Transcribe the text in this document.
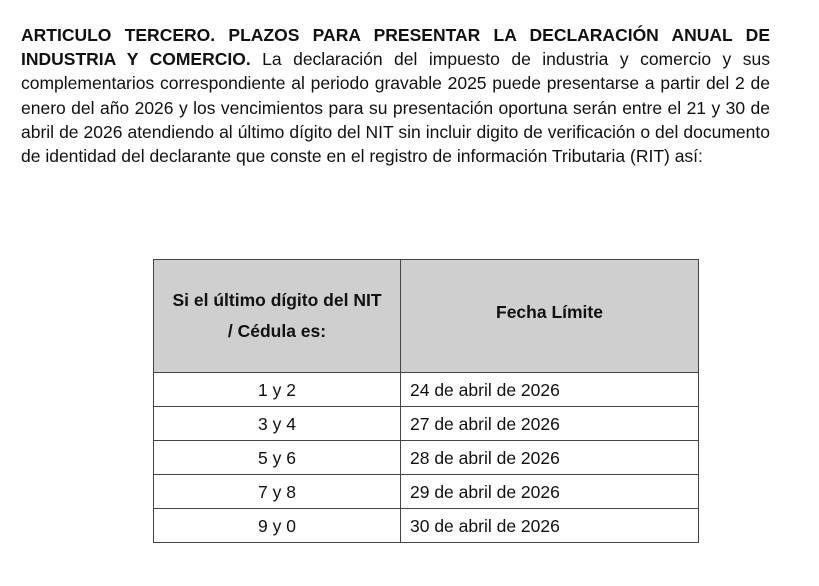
ARTICULO TERCERO. PLAZOS PARA PRESENTAR LA DECLARACIÓN ANUAL DE INDUSTRIA Y COMERCIO. La declaración del impuesto de industria y comercio y sus complementarios correspondiente al periodo gravable 2025 puede presentarse a partir del 2 de enero del año 2026 y los vencimientos para su presentación oportuna serán entre el 21 y 30 de abril de 2026 atendiendo al último dígito del NIT sin incluir digito de verificación o del documento de identidad del declarante que conste en el registro de información Tributaria (RIT) así:

Si el último dígito del NIT / Cédula es:	Fecha Límite
1 y 2	24 de abril de 2026
3 y 4	27 de abril de 2026
5 y 6	28 de abril de 2026
7 y 8	29 de abril de 2026
9 y 0	30 de abril de 2026
